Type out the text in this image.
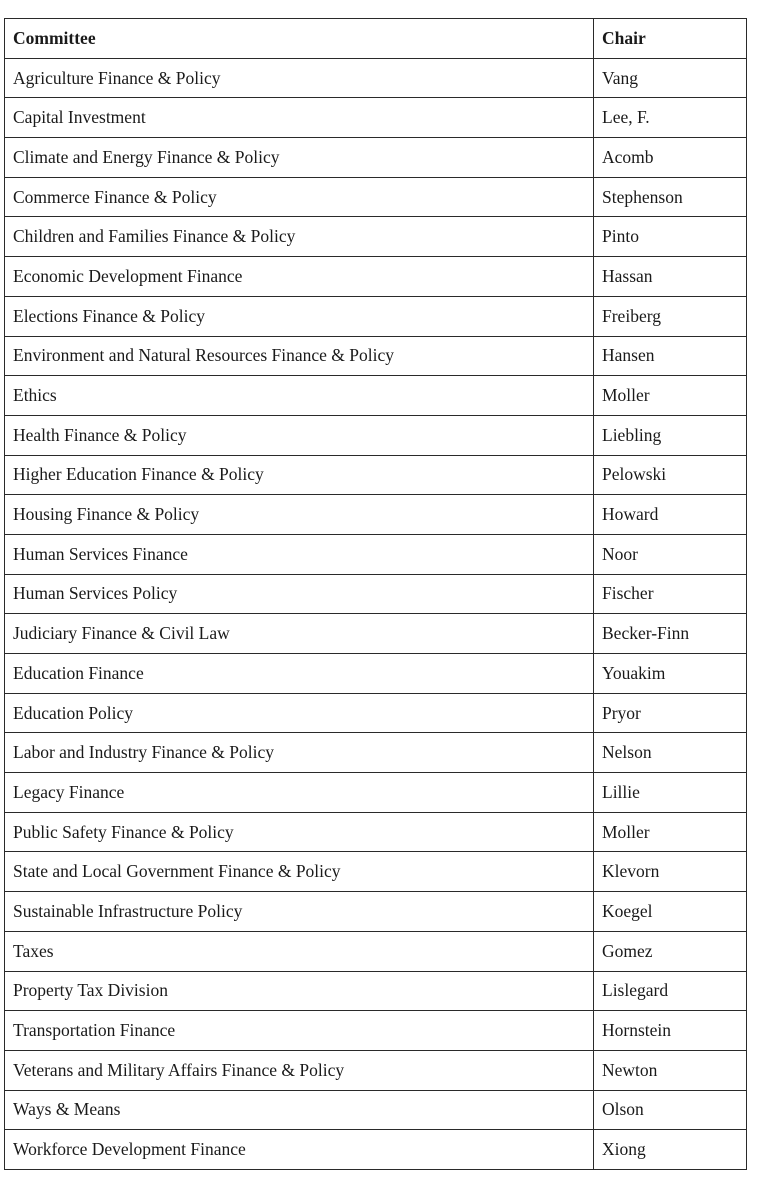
Committee	Chair
Agriculture Finance & Policy	Vang
Capital Investment	Lee, F.
Climate and Energy Finance & Policy	Acomb
Commerce Finance & Policy	Stephenson
Children and Families Finance & Policy	Pinto
Economic Development Finance	Hassan
Elections Finance & Policy	Freiberg
Environment and Natural Resources Finance & Policy	Hansen
Ethics	Moller
Health Finance & Policy	Liebling
Higher Education Finance & Policy	Pelowski
Housing Finance & Policy	Howard
Human Services Finance	Noor
Human Services Policy	Fischer
Judiciary Finance & Civil Law	Becker-Finn
Education Finance	Youakim
Education Policy	Pryor
Labor and Industry Finance & Policy	Nelson
Legacy Finance	Lillie
Public Safety Finance & Policy	Moller
State and Local Government Finance & Policy	Klevorn
Sustainable Infrastructure Policy	Koegel
Taxes	Gomez
Property Tax Division	Lislegard
Transportation Finance	Hornstein
Veterans and Military Affairs Finance & Policy	Newton
Ways & Means	Olson
Workforce Development Finance	Xiong
